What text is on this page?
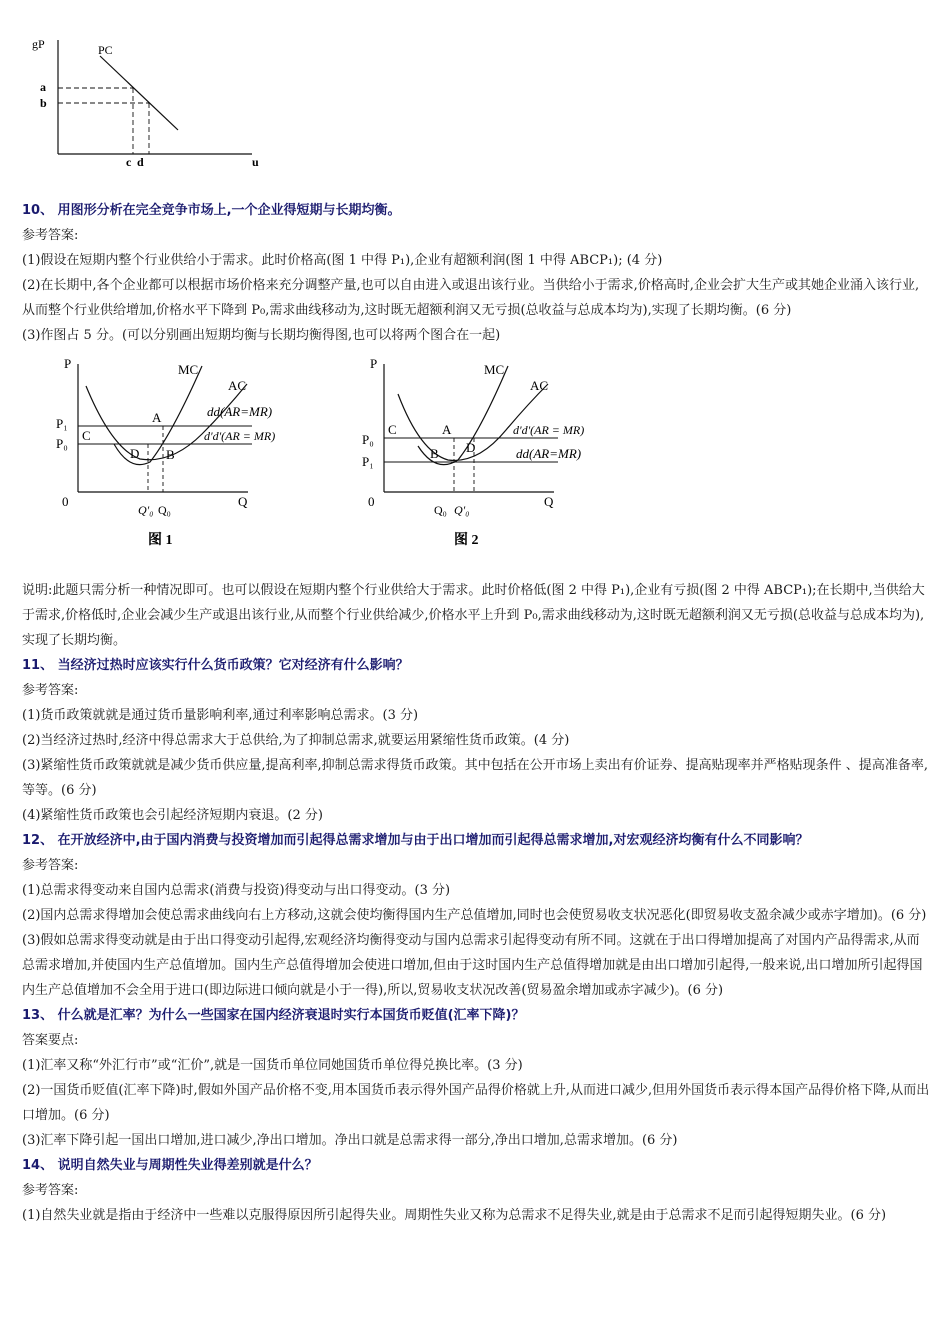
gP	PC
a
b
c d	u
10、 用图形分析在完全竞争市场上,一个企业得短期与长期均衡。
参考答案:
(1)假设在短期内整个行业供给小于需求。此时价格高(图 1 中得 P₁),企业有超额利润(图 1 中得 ABCP₁); (4 分)
(2)在长期中,各个企业都可以根据市场价格来充分调整产量,也可以自由进入或退出该行业。当供给小于需求,价格高时,企业会扩大生产或其她企业涌入该行业,从而整个行业供给增加,价格水平下降到 P₀,需求曲线移动为,这时既无超额利润又无亏损(总收益与总成本均为),实现了长期均衡。(6 分)
(3)作图占 5 分。(可以分别画出短期均衡与长期均衡得图,也可以将两个图合在一起)
P	MC
AC
dd(AR=MR)
d'd'(AR = MR)
P₁
P₀
C
A
D B
0
Q'₀ Q₀
Q
图 1
P	MC
AC
d'd'(AR = MR)
dd(AR=MR)
P₀
P₁
C	A
B D
0
Q₀ Q'₀
Q
图 2
说明:此题只需分析一种情况即可。也可以假设在短期内整个行业供给大于需求。此时价格低(图 2 中得 P₁),企业有亏损(图 2 中得 ABCP₁);在长期中,当供给大于需求,价格低时,企业会减少生产或退出该行业,从而整个行业供给减少,价格水平上升到 P₀,需求曲线移动为,这时既无超额利润又无亏损(总收益与总成本均为),实现了长期均衡。
11、 当经济过热时应该实行什么货币政策？它对经济有什么影响？
参考答案:
(1)货币政策就就是通过货币量影响利率,通过利率影响总需求。(3 分)
(2)当经济过热时,经济中得总需求大于总供给,为了抑制总需求,就要运用紧缩性货币政策。(4 分)
(3)紧缩性货币政策就就是减少货币供应量,提高利率,抑制总需求得货币政策。其中包括在公开市场上卖出有价证券、提高贴现率并严格贴现条件 、提高准备率,等等。(6 分)
(4)紧缩性货币政策也会引起经济短期内衰退。(2 分)
12、 在开放经济中,由于国内消费与投资增加而引起得总需求增加与由于出口增加而引起得总需求增加,对宏观经济均衡有什么不同影响？
参考答案:
(1)总需求得变动来自国内总需求(消费与投资)得变动与出口得变动。(3 分)
(2)国内总需求得增加会使总需求曲线向右上方移动,这就会使均衡得国内生产总值增加,同时也会使贸易收支状况恶化(即贸易收支盈余减少或赤字增加)。(6 分)
(3)假如总需求得变动就是由于出口得变动引起得,宏观经济均衡得变动与国内总需求引起得变动有所不同。这就在于出口得增加提高了对国内产品得需求,从而总需求增加,并使国内生产总值增加。国内生产总值得增加会使进口增加,但由于这时国内生产总值得增加就是由出口增加引起得,一般来说,出口增加所引起得国内生产总值增加不会全用于进口(即边际进口倾向就是小于一得),所以,贸易收支状况改善(贸易盈余增加或赤字减少)。(6 分)
13、 什么就是汇率？为什么一些国家在国内经济衰退时实行本国货币贬值(汇率下降)？
答案要点:
(1)汇率又称“外汇行市”或“汇价”,就是一国货币单位同她国货币单位得兑换比率。(3 分)
(2)一国货币贬值(汇率下降)时,假如外国产品价格不变,用本国货币表示得外国产品得价格就上升,从而进口减少,但用外国货币表示得本国产品得价格下降,从而出口增加。(6 分)
(3)汇率下降引起一国出口增加,进口减少,净出口增加。净出口就是总需求得一部分,净出口增加,总需求增加。(6 分)
14、 说明自然失业与周期性失业得差别就是什么？
参考答案:
(1)自然失业就是指由于经济中一些难以克服得原因所引起得失业。周期性失业又称为总需求不足得失业,就是由于总需求不足而引起得短期失业。(6 分)
